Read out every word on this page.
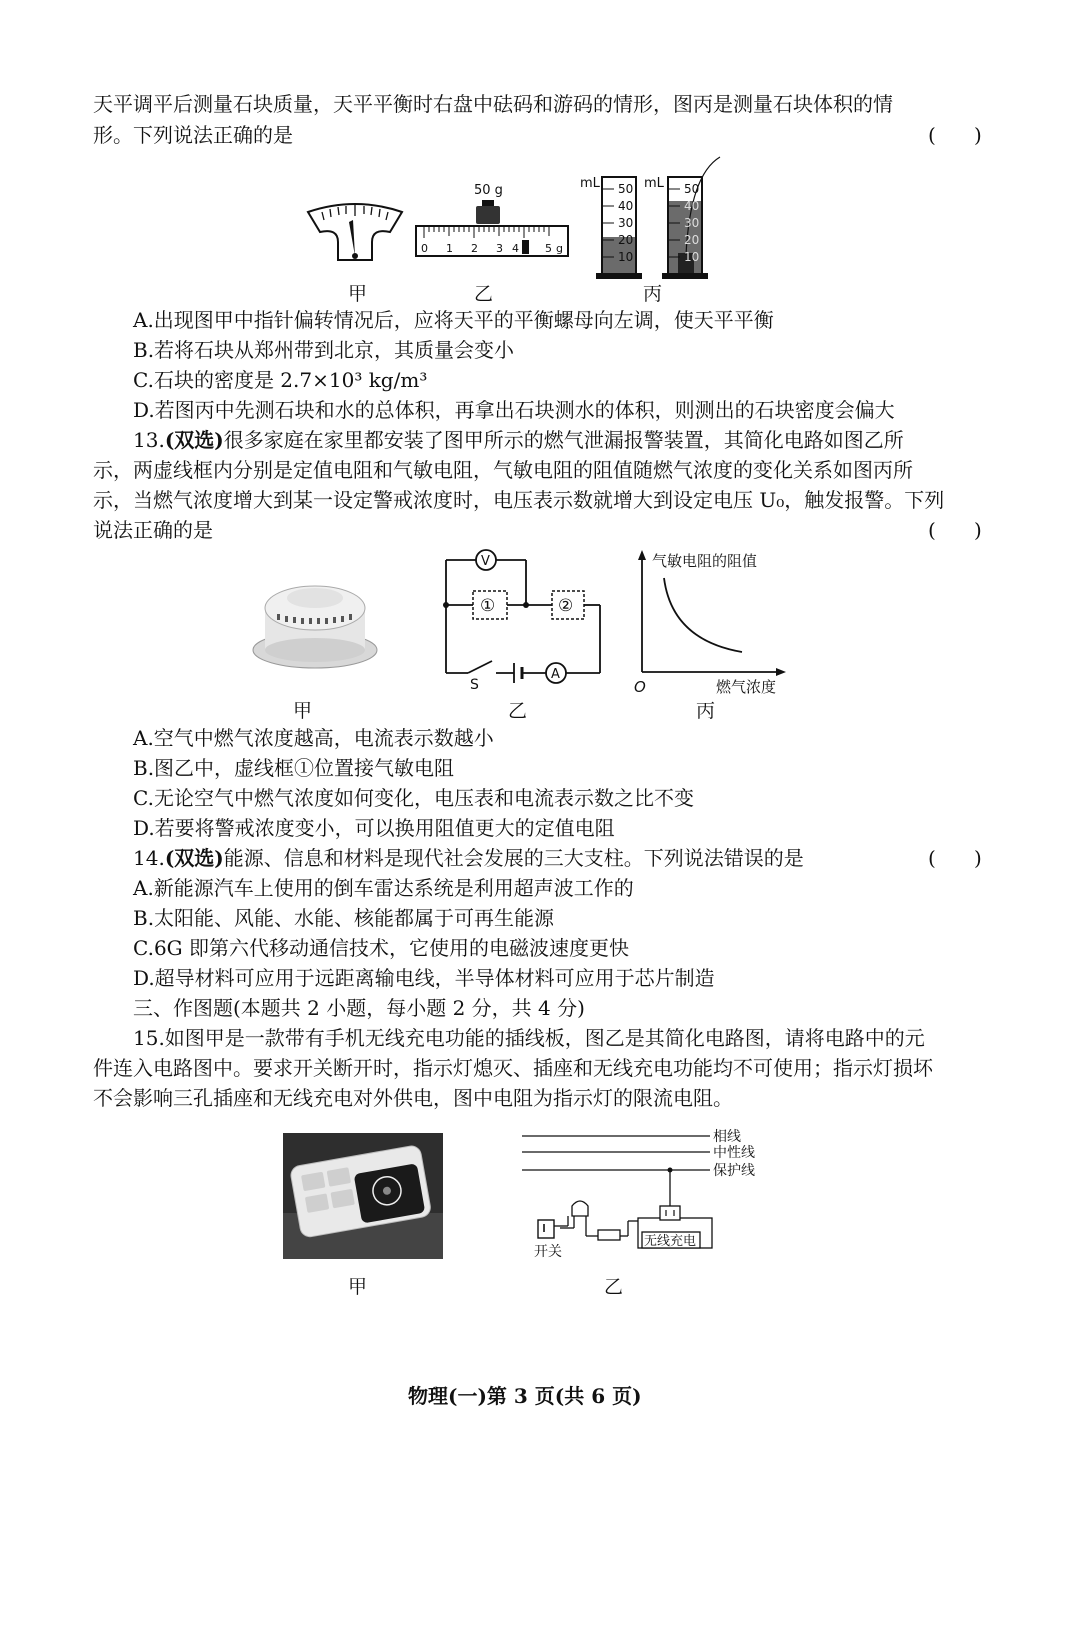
天平调平后测量石块质量，天平平衡时右盘中砝码和游码的情形，图丙是测量石块体积的情
形。下列说法正确的是	(      )
50 g
0 1 2 3 4 5 g
mL 50
40
30
20
10
mL 50
40
30
20
10
甲	乙	丙
A.出现图甲中指针偏转情况后，应将天平的平衡螺母向左调，使天平平衡
B.若将石块从郑州带到北京，其质量会变小
C.石块的密度是 2.7×10³ kg/m³
D.若图丙中先测石块和水的总体积，再拿出石块测水的体积，则测出的石块密度会偏大
13.(双选)很多家庭在家里都安装了图甲所示的燃气泄漏报警装置，其简化电路如图乙所
示，两虚线框内分别是定值电阻和气敏电阻，气敏电阻的阻值随燃气浓度的变化关系如图丙所
示，当燃气浓度增大到某一设定警戒浓度时，电压表示数就增大到设定电压 U₀，触发报警。下列
说法正确的是	(      )
V
A
①	②
S
气敏电阻的阻值
O	燃气浓度
甲	乙	丙
A.空气中燃气浓度越高，电流表示数越小
B.图乙中，虚线框①位置接气敏电阻
C.无论空气中燃气浓度如何变化，电压表和电流表示数之比不变
D.若要将警戒浓度变小，可以换用阻值更大的定值电阻
14.(双选)能源、信息和材料是现代社会发展的三大支柱。下列说法错误的是	(      )
A.新能源汽车上使用的倒车雷达系统是利用超声波工作的
B.太阳能、风能、水能、核能都属于可再生能源
C.6G 即第六代移动通信技术，它使用的电磁波速度更快
D.超导材料可应用于远距离输电线，半导体材料可应用于芯片制造
三、作图题(本题共 2 小题，每小题 2 分，共 4 分)
15.如图甲是一款带有手机无线充电功能的插线板，图乙是其简化电路图，请将电路中的元
件连入电路图中。要求开关断开时，指示灯熄灭、插座和无线充电功能均不可使用；指示灯损坏
不会影响三孔插座和无线充电对外供电，图中电阻为指示灯的限流电阻。
相线
中性线
保护线
无线充电
开关
甲	乙
物理(一)第 3 页(共 6 页)
